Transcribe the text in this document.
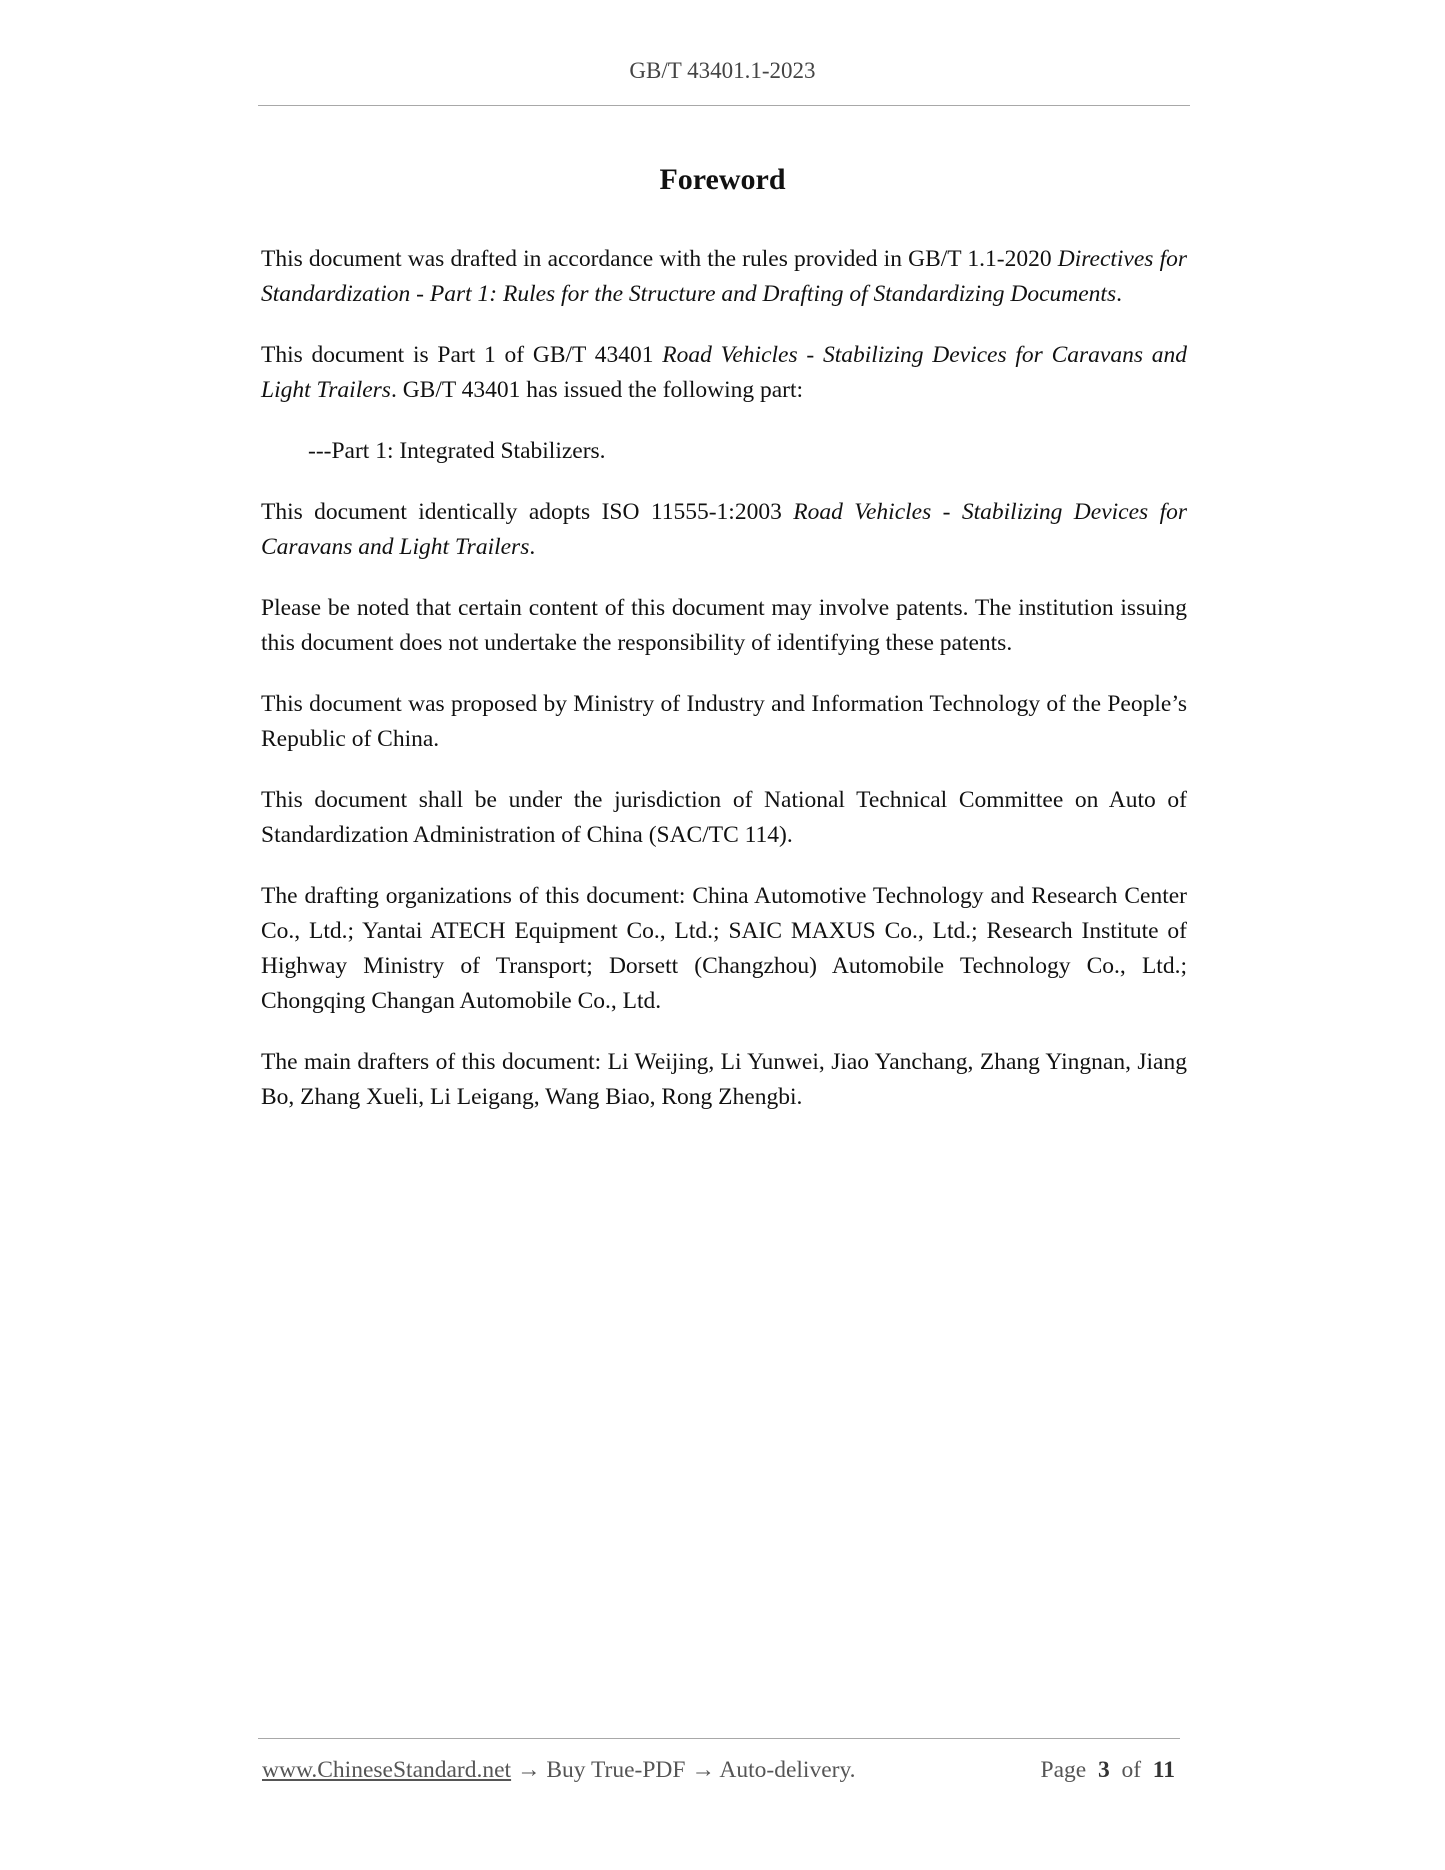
GB/T 43401.1-2023
Foreword

This document was drafted in accordance with the rules provided in GB/T 1.1-2020 Directives for Standardization - Part 1: Rules for the Structure and Drafting of Standardizing Documents.

This document is Part 1 of GB/T 43401 Road Vehicles - Stabilizing Devices for Caravans and Light Trailers. GB/T 43401 has issued the following part:

---Part 1: Integrated Stabilizers.

This document identically adopts ISO 11555-1:2003 Road Vehicles - Stabilizing Devices for Caravans and Light Trailers.

Please be noted that certain content of this document may involve patents. The institution issuing this document does not undertake the responsibility of identifying these patents.

This document was proposed by Ministry of Industry and Information Technology of the People’s Republic of China.

This document shall be under the jurisdiction of National Technical Committee on Auto of Standardization Administration of China (SAC/TC 114).

The drafting organizations of this document: China Automotive Technology and Research Center Co., Ltd.; Yantai ATECH Equipment Co., Ltd.; SAIC MAXUS Co., Ltd.; Research Institute of Highway Ministry of Transport; Dorsett (Changzhou) Automobile Technology Co., Ltd.; Chongqing Changan Automobile Co., Ltd.

The main drafters of this document: Li Weijing, Li Yunwei, Jiao Yanchang, Zhang Yingnan, Jiang Bo, Zhang Xueli, Li Leigang, Wang Biao, Rong Zhengbi.

www.ChineseStandard.net → Buy True-PDF → Auto-delivery.	Page 3 of 11
